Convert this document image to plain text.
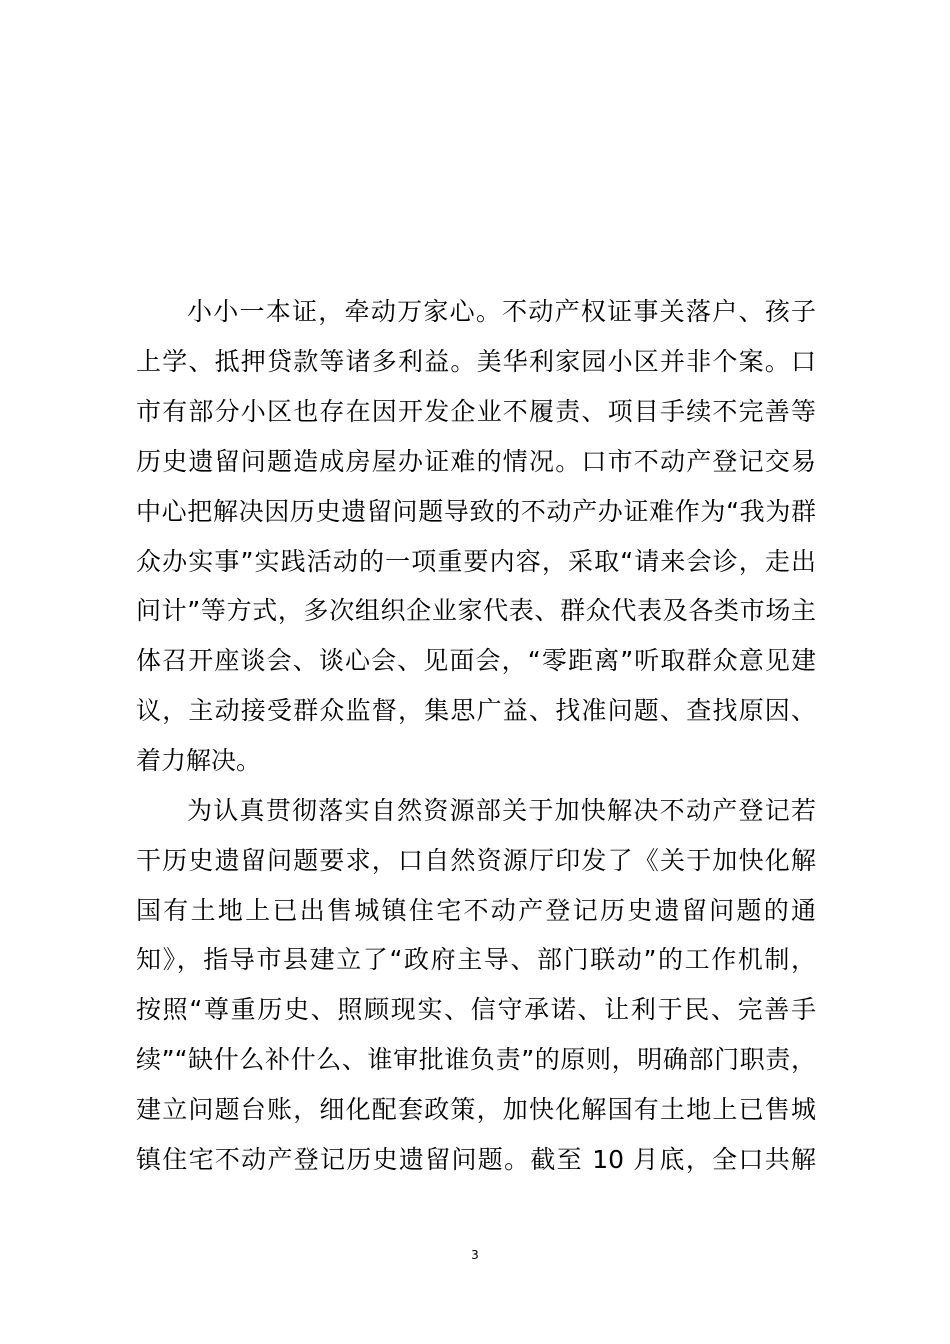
小小一本证，牵动万家心。不动产权证事关落户、孩子
上学、抵押贷款等诸多利益。美华利家园小区并非个案。口
市有部分小区也存在因开发企业不履责、项目手续不完善等
历史遗留问题造成房屋办证难的情况。口市不动产登记交易
中心把解决因历史遗留问题导致的不动产办证难作为“我为群
众办实事”实践活动的一项重要内容，采取“请来会诊，走出
问计”等方式，多次组织企业家代表、群众代表及各类市场主
体召开座谈会、谈心会、见面会，“零距离”听取群众意见建
议，主动接受群众监督，集思广益、找准问题、查找原因、
着力解决。
为认真贯彻落实自然资源部关于加快解决不动产登记若
干历史遗留问题要求，口自然资源厅印发了《关于加快化解
国有土地上已出售城镇住宅不动产登记历史遗留问题的通
知》，指导市县建立了“政府主导、部门联动”的工作机制，
按照“尊重历史、照顾现实、信守承诺、让利于民、完善手
续”“缺什么补什么、谁审批谁负责”的原则，明确部门职责，
建立问题台账，细化配套政策，加快化解国有土地上已售城
镇住宅不动产登记历史遗留问题。截至 10 月底，全口共解
3
